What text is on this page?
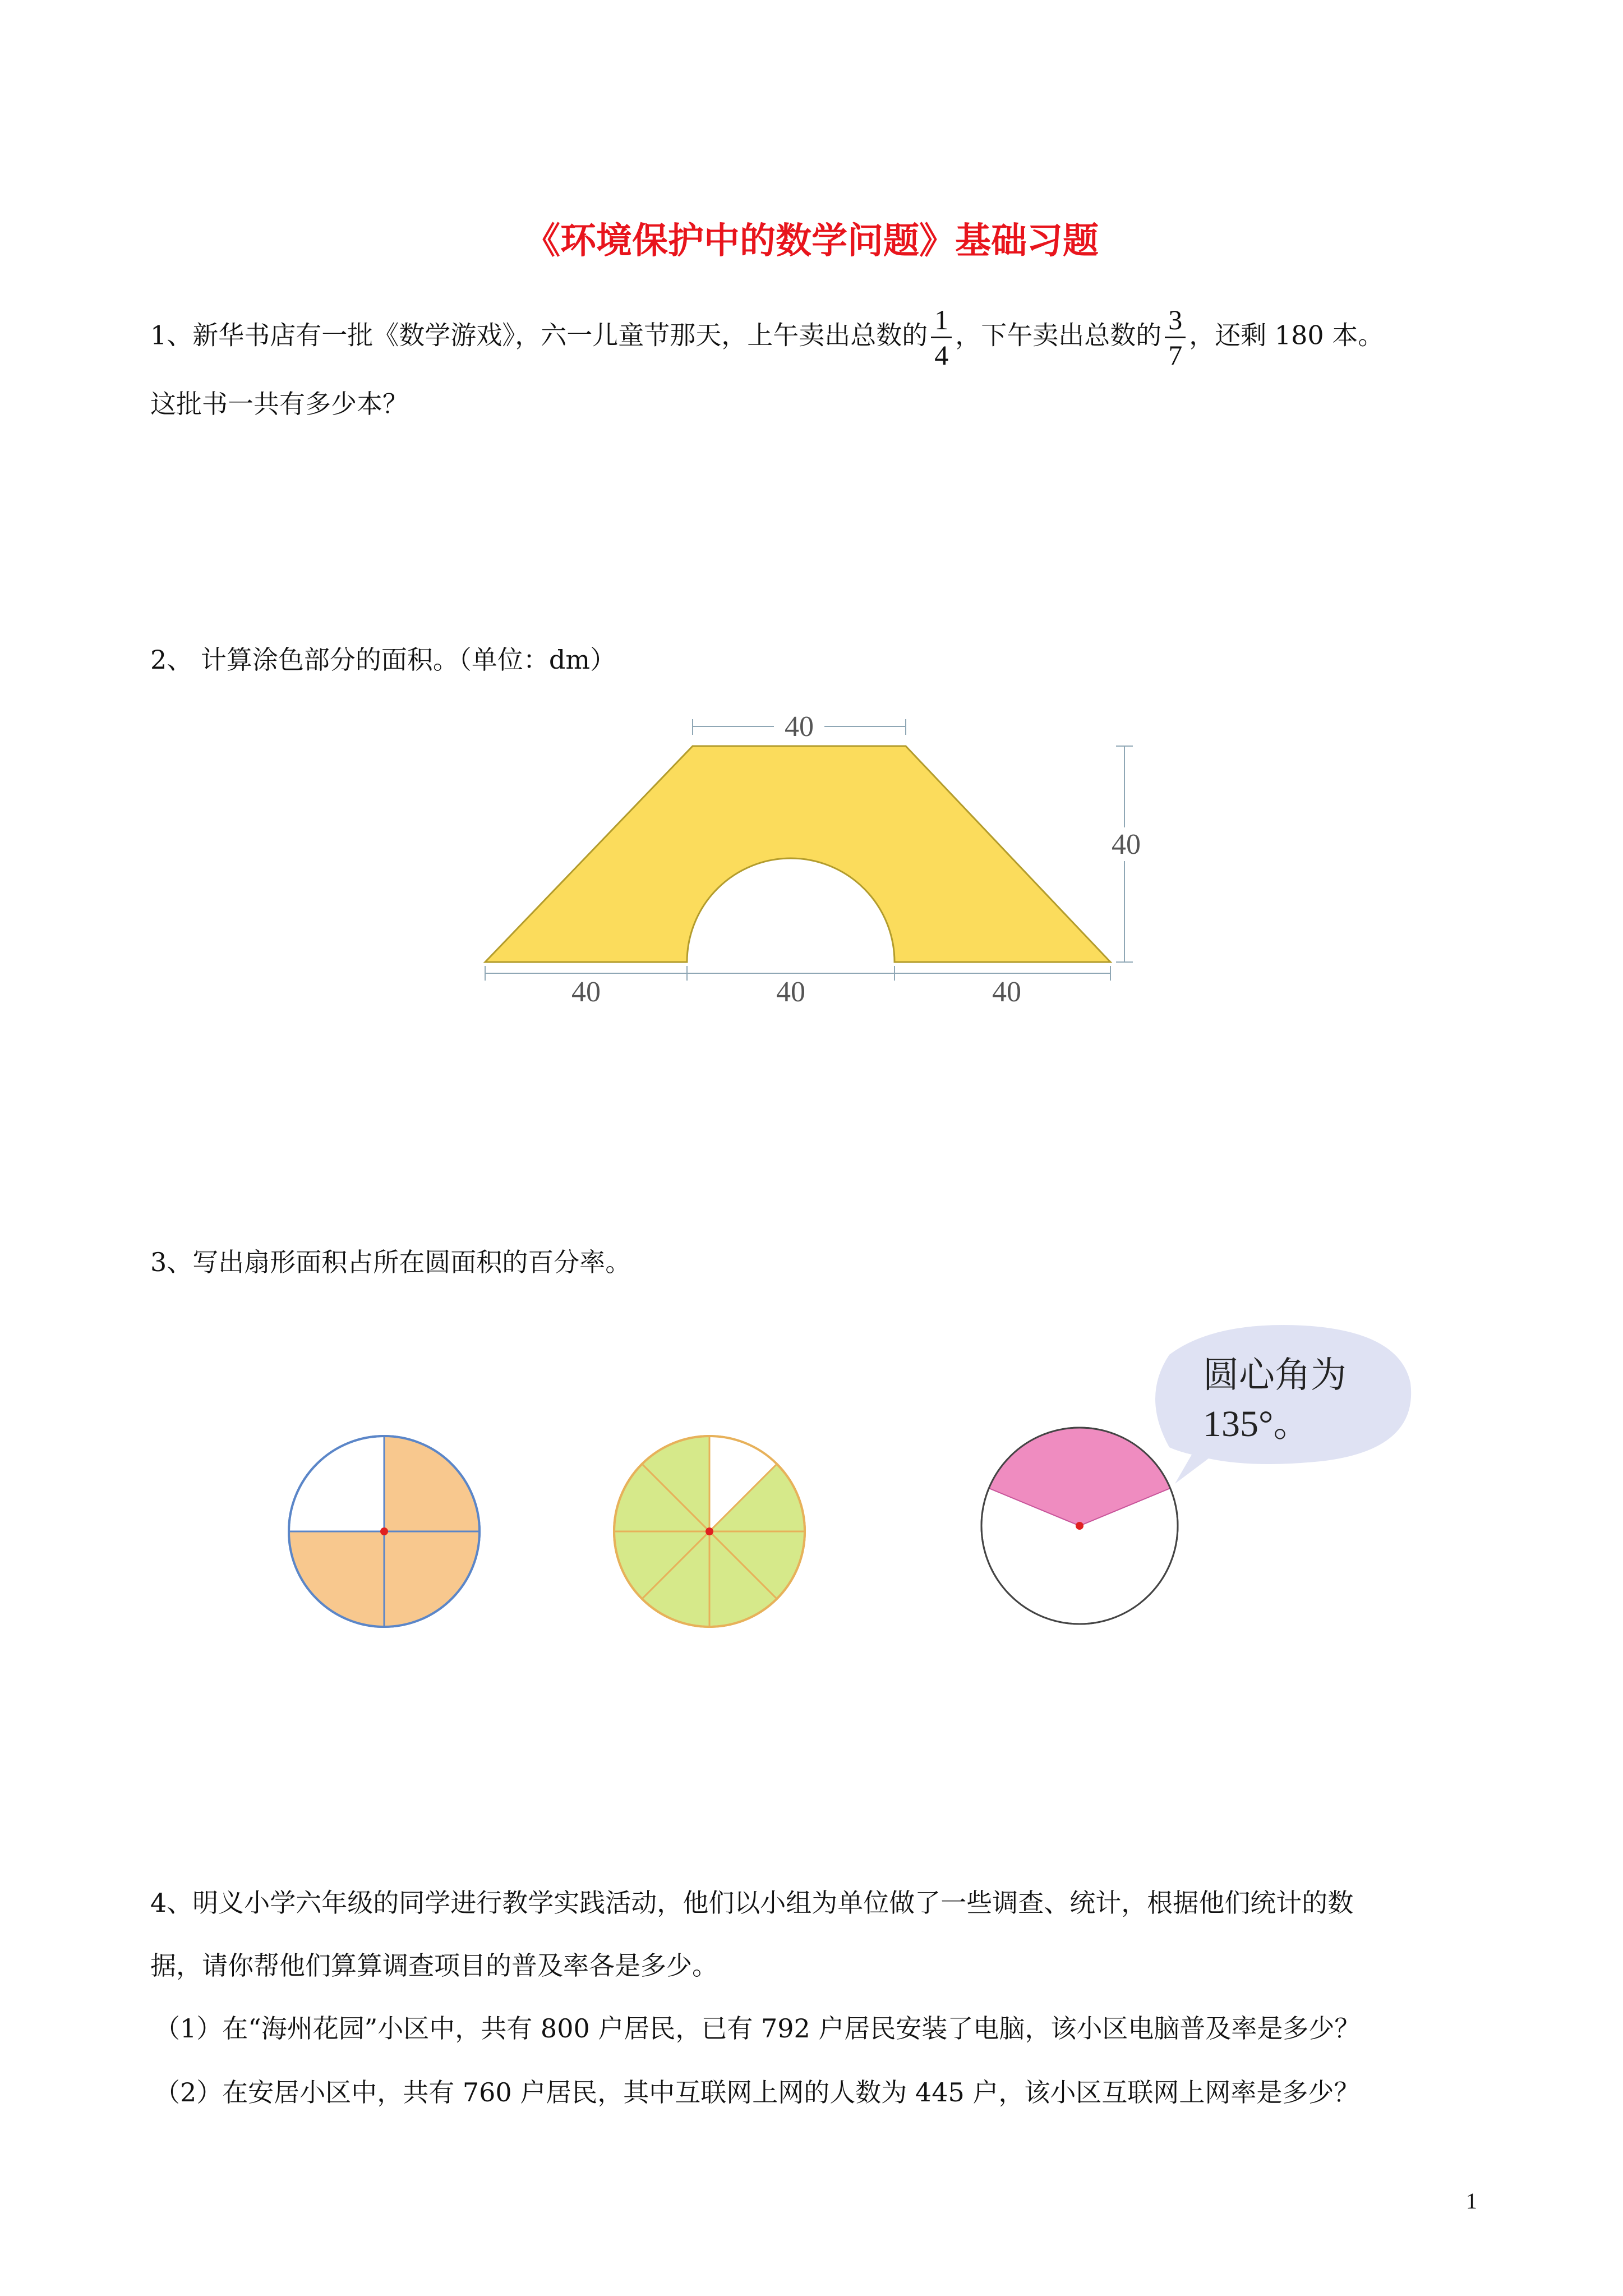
《环境保护中的数学问题》基础习题
1、新华书店有一批《数学游戏》，六一儿童节那天，上午卖出总数的 $\frac{1}{4}$ ，下午卖出总数的 $\frac{3}{7}$ ，还剩 180 本。
这批书一共有多少本？
2、 计算涂色部分的面积。（单位：dm）
40
40
40	40	40
3、写出扇形面积占所在圆面积的百分率。
圆心角为
135°。
4、明义小学六年级的同学进行教学实践活动，他们以小组为单位做了一些调查、统计，根据他们统计的数
据，请你帮他们算算调查项目的普及率各是多少。
（1）在“海州花园”小区中，共有 800 户居民，已有 792 户居民安装了电脑，该小区电脑普及率是多少？
（2）在安居小区中，共有 760 户居民，其中互联网上网的人数为 445 户，该小区互联网上网率是多少？
1
